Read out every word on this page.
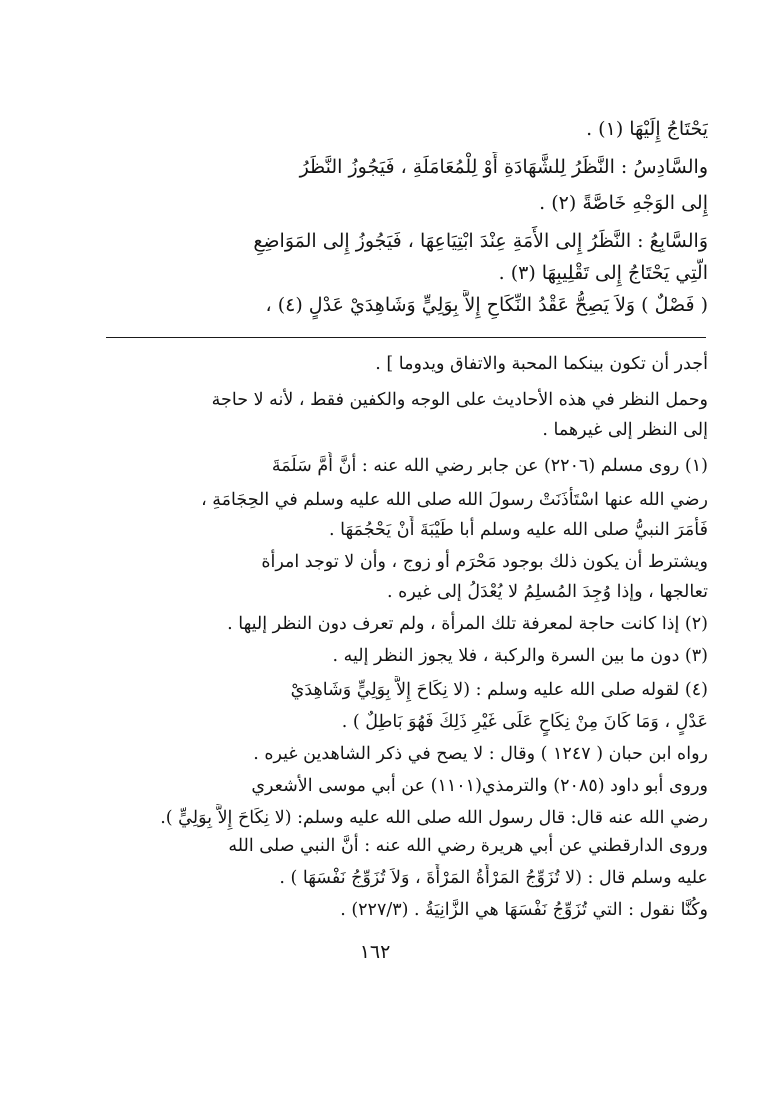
يَحْتَاجُ إِلَيْهَا (١) .
والسَّادِسُ : النَّظَرُ لِلشَّهَادَةِ أَوْ لِلْمُعَامَلَةِ ، فَيَجُوزُ النَّظَرُ
إِلى الوَجْهِ خَاصَّةً (٢) .
وَالسَّابِعُ : النَّظَرُ إِلى الأَمَةِ عِنْدَ ابْتِيَاعِهَا ، فَيَجُوزُ إِلى المَوَاضِعِ
الَّتِي يَحْتَاجُ إِلى تَقْلِيبِهَا (٣) .
( فَصْلٌ ) وَلاَ يَصِحُّ عَقْدُ النِّكَاحِ إِلاَّ بِوَلِيٍّ وَشَاهِدَيْ عَدْلٍ (٤) ،
أجدر أن تكون بينكما المحبة والاتفاق ويدوما ] .
وحمل النظر في هذه الأحاديث على الوجه والكفين فقط ، لأنه لا حاجة
إلى النظر إلى غيرهما .
(١) روى مسلم (٢٢٠٦) عن جابر رضي الله عنه : أنَّ أُمَّ سَلَمَةَ
رضي الله عنها اسْتَأْذَنَتْ رسولَ الله صلى الله عليه وسلم في الحِجَامَةِ ،
فَأَمَرَ النبيُّ صلى الله عليه وسلم أبا طَيْبَةَ أَنْ يَحْجُمَهَا .
ويشترط أن يكون ذلك بوجود مَحْرَم أو زوج ، وأن لا توجد امرأة
تعالجها ، وإذا وُجِدَ المُسلِمُ لا يُعْدَلُ إلى غيره .
(٢) إذا كانت حاجة لمعرفة تلك المرأة ، ولم تعرف دون النظر إليها .
(٣) دون ما بين السرة والركبة ، فلا يجوز النظر إليه .
(٤) لقوله صلى الله عليه وسلم : (لا نِكَاحَ إِلاَّ بِوَلِيٍّ وَشَاهِدَيْ
عَدْلٍ ، وَمَا كَانَ مِنْ نِكَاحٍ عَلَى غَيْرِ ذَلِكَ فَهُوَ بَاطِلٌ ) .
رواه ابن حبان ( ١٢٤٧ ) وقال : لا يصح في ذكر الشاهدين غيره .
وروى أبو داود (٢٠٨٥) والترمذي(١١٠١) عن أبي موسى الأشعري
رضي الله عنه قال: قال رسول الله صلى الله عليه وسلم: (لا نِكَاحَ إِلاَّ بِوَلِيٍّ ).
وروى الدارقطني عن أبي هريرة رضي الله عنه : أنَّ النبي صلى الله
عليه وسلم قال : (لا تُزَوِّجُ المَرْأَةُ المَرْأَةَ ، وَلاَ تُزَوِّجُ نَفْسَهَا ) .
وكُنَّا نقول : التي تُزَوِّجُ نَفْسَهَا هي الزَّانِيَةُ . (٢٢٧/٣) .
١٦٢
